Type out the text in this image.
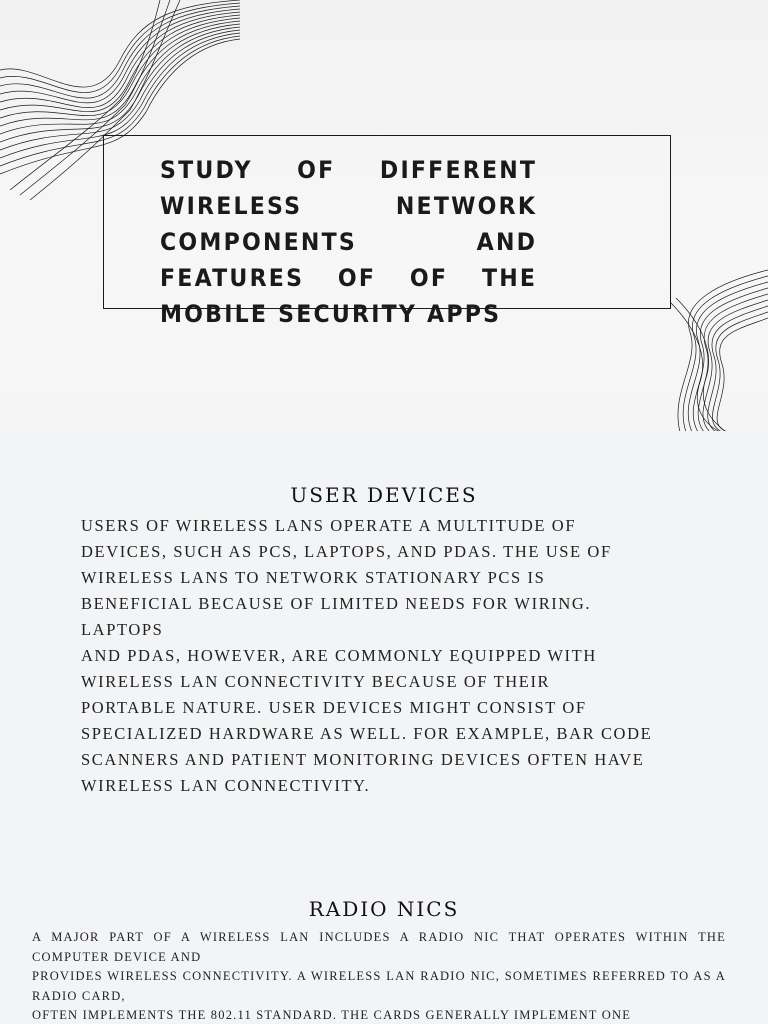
STUDY OF DIFFERENT WIRELESS NETWORK COMPONENTS AND FEATURES OF OF THE MOBILE SECURITY APPS
USER DEVICES
USERS OF WIRELESS LANS OPERATE A MULTITUDE OF
DEVICES, SUCH AS PCS, LAPTOPS, AND PDAS. THE USE OF
WIRELESS LANS TO NETWORK STATIONARY PCS IS
BENEFICIAL BECAUSE OF LIMITED NEEDS FOR WIRING.
LAPTOPS
AND PDAS, HOWEVER, ARE COMMONLY EQUIPPED WITH
WIRELESS LAN CONNECTIVITY BECAUSE OF THEIR
PORTABLE NATURE. USER DEVICES MIGHT CONSIST OF
SPECIALIZED HARDWARE AS WELL. FOR EXAMPLE, BAR CODE
SCANNERS AND PATIENT MONITORING DEVICES OFTEN HAVE
WIRELESS LAN CONNECTIVITY.
RADIO NICS

A MAJOR PART OF A WIRELESS LAN INCLUDES A RADIO NIC THAT OPERATES WITHIN THE COMPUTER DEVICE AND

PROVIDES WIRELESS CONNECTIVITY. A WIRELESS LAN RADIO NIC, SOMETIMES REFERRED TO AS A RADIO CARD,

OFTEN IMPLEMENTS THE 802.11 STANDARD. THE CARDS GENERALLY IMPLEMENT ONE
